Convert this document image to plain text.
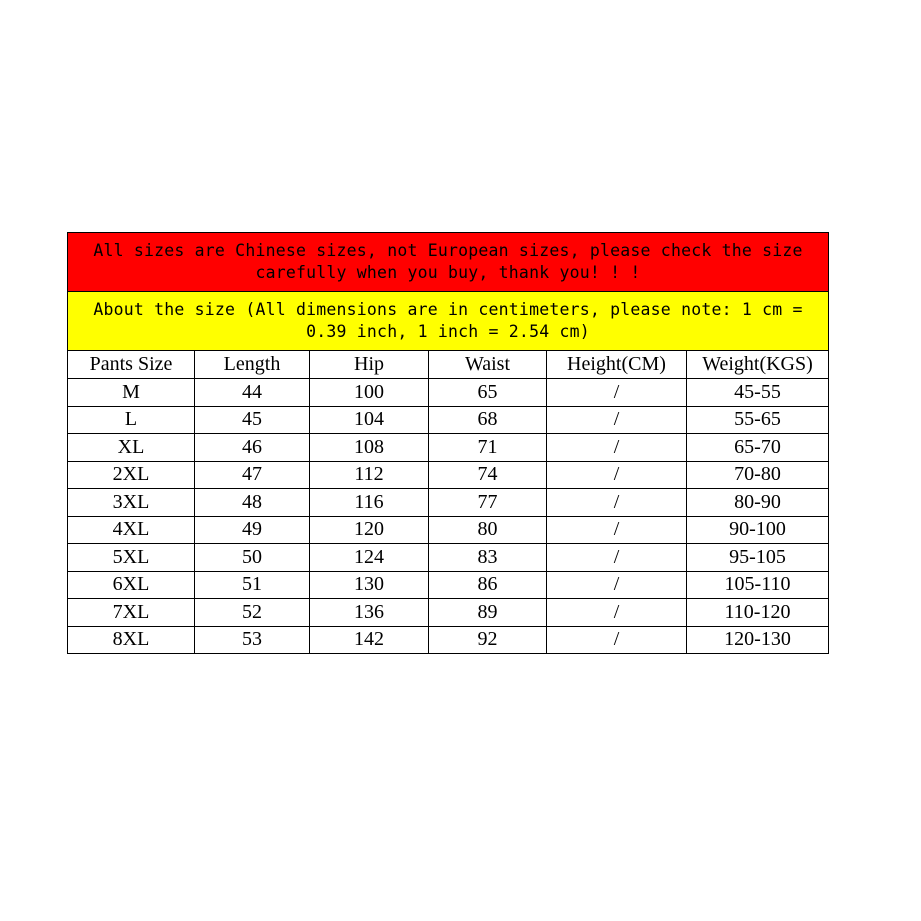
All sizes are Chinese sizes, not European sizes, please check the size carefully when you buy, thank you! ! !					
About the size (All dimensions are in centimeters, please note: 1 cm = 0.39 inch, 1 inch = 2.54 cm)					
Pants Size	Length	Hip	Waist	Height(CM)	Weight(KGS)
M	44	100	65	/	45-55
L	45	104	68	/	55-65
XL	46	108	71	/	65-70
2XL	47	112	74	/	70-80
3XL	48	116	77	/	80-90
4XL	49	120	80	/	90-100
5XL	50	124	83	/	95-105
6XL	51	130	86	/	105-110
7XL	52	136	89	/	110-120
8XL	53	142	92	/	120-130
